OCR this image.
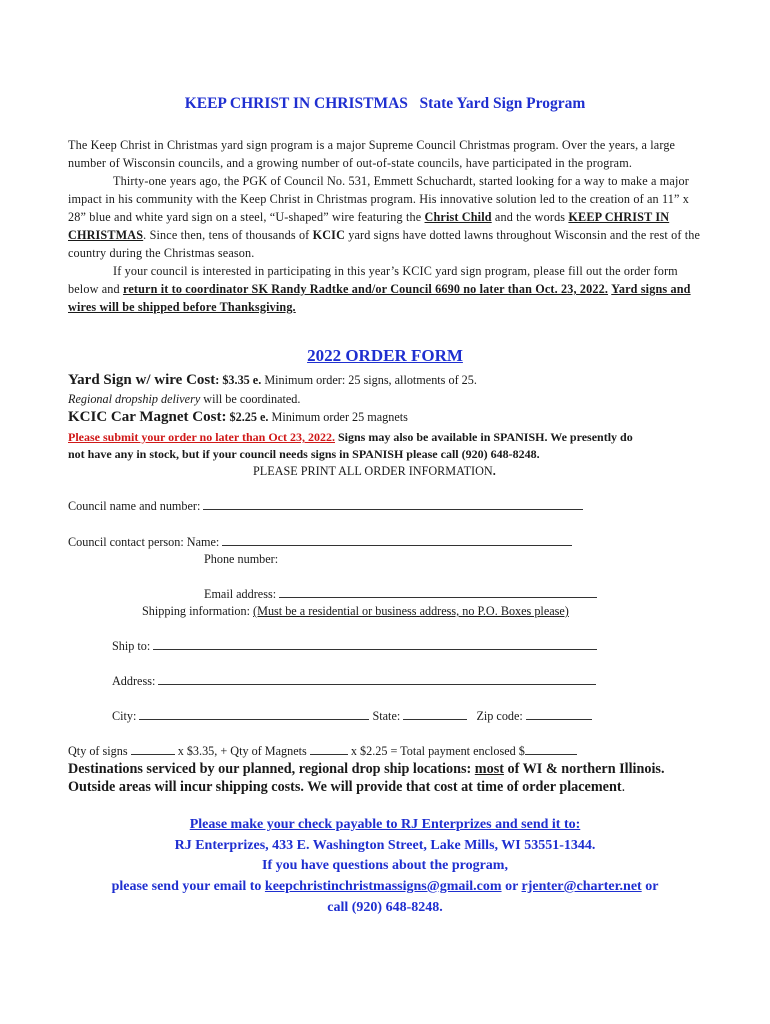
KEEP CHRIST IN CHRISTMAS   State Yard Sign Program

The Keep Christ in Christmas yard sign program is a major Supreme Council Christmas program. Over the years, a large number of Wisconsin councils, and a growing number of out-of-state councils, have participated in the program.

Thirty-one years ago, the PGK of Council No. 531, Emmett Schuchardt, started looking for a way to make a major impact in his community with the Keep Christ in Christmas program. His innovative solution led to the creation of an 11” x 28” blue and white yard sign on a steel, “U-shaped” wire featuring the Christ Child and the words KEEP CHRIST IN CHRISTMAS. Since then, tens of thousands of KCIC yard signs have dotted lawns throughout Wisconsin and the rest of the country during the Christmas season.

If your council is interested in participating in this year’s KCIC yard sign program, please fill out the order form below and return it to coordinator SK Randy Radtke and/or Council 6690 no later than Oct. 23, 2022. Yard signs and wires will be shipped before Thanksgiving.

2022 ORDER FORM
Yard Sign w/ wire Cost: $3.35 e. Minimum order: 25 signs, allotments of 25.
Regional dropship delivery will be coordinated.
KCIC Car Magnet Cost: $2.25 e. Minimum order 25 magnets
Please submit your order no later than Oct 23, 2022. Signs may also be available in SPANISH. We presently do
not have any in stock, but if your council needs signs in SPANISH please call (920) 648-8248.
PLEASE PRINT ALL ORDER INFORMATION.
Council name and number:
Council contact person: Name:
Phone number:
Email address:
Shipping information: (Must be a residential or business address, no P.O. Boxes please)
Ship to:
Address:
City:	State:	Zip code:
Qty of signs	x $3.35, + Qty of Magnets	x $2.25 = Total payment enclosed $
Destinations serviced by our planned, regional drop ship locations: most of WI & northern Illinois. Outside areas will incur shipping costs. We will provide that cost at time of order placement.
Please make your check payable to RJ Enterprizes and send it to:
RJ Enterprizes, 433 E. Washington Street, Lake Mills, WI 53551-1344.
If you have questions about the program,
please send your email to keepchristinchristmassigns@gmail.com or rjenter@charter.net or
call (920) 648-8248.
